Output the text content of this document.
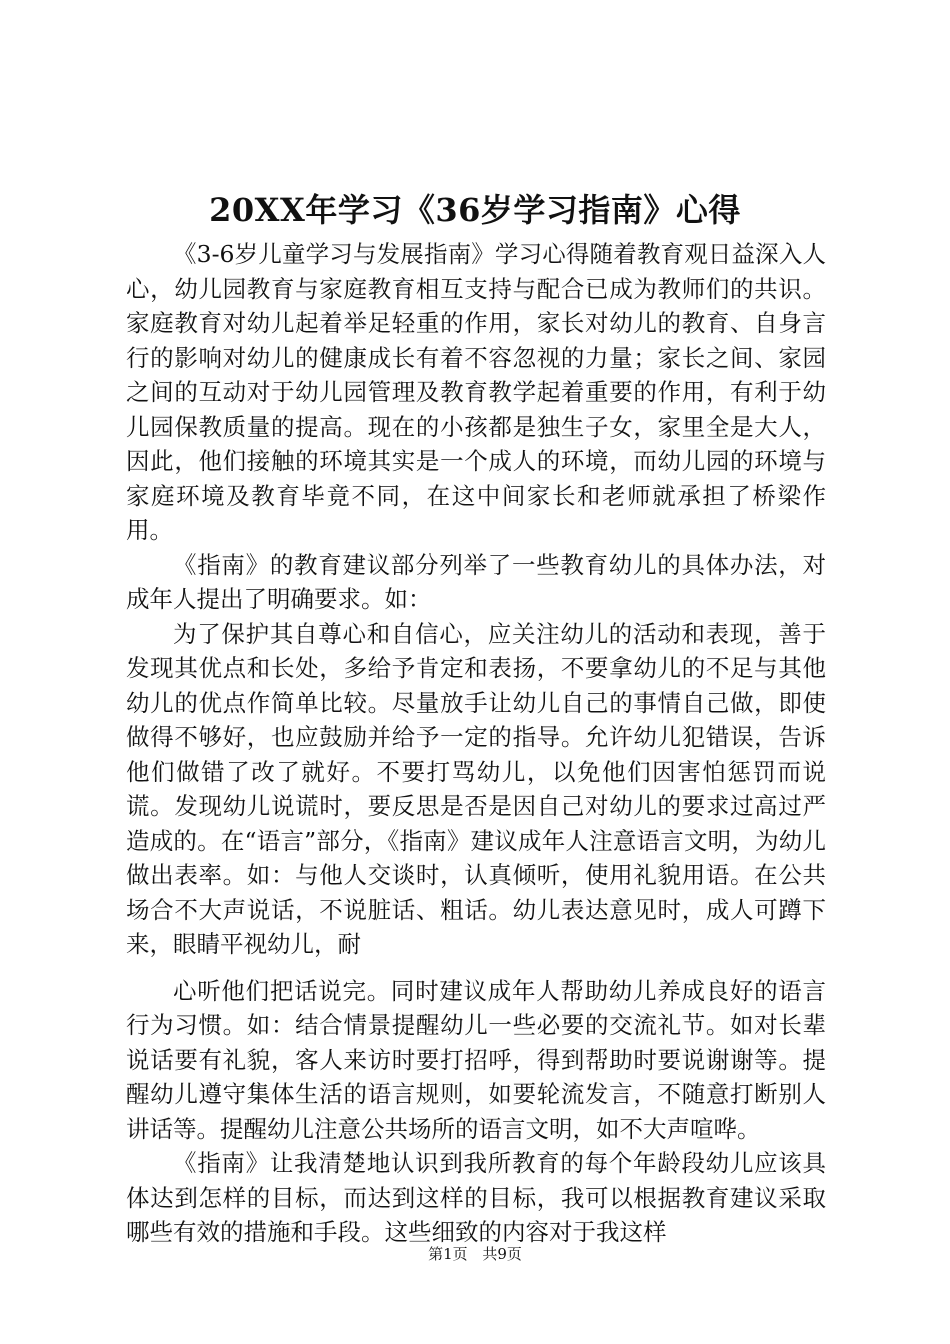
20XX年学习《36岁学习指南》心得

《3-6岁儿童学习与发展指南》学习心得随着教育观日益深入人心，幼儿园教育与家庭教育相互支持与配合已成为教师们的共识。家庭教育对幼儿起着举足轻重的作用，家长对幼儿的教育、自身言行的影响对幼儿的健康成长有着不容忽视的力量；家长之间、家园之间的互动对于幼儿园管理及教育教学起着重要的作用，有利于幼儿园保教质量的提高。现在的小孩都是独生子女，家里全是大人，因此，他们接触的环境其实是一个成人的环境，而幼儿园的环境与家庭环境及教育毕竟不同，在这中间家长和老师就承担了桥梁作用。

《指南》的教育建议部分列举了一些教育幼儿的具体办法，对成年人提出了明确要求。如：

为了保护其自尊心和自信心，应关注幼儿的活动和表现，善于发现其优点和长处，多给予肯定和表扬，不要拿幼儿的不足与其他幼儿的优点作简单比较。尽量放手让幼儿自己的事情自己做，即使做得不够好，也应鼓励并给予一定的指导。允许幼儿犯错误，告诉他们做错了改了就好。不要打骂幼儿，以免他们因害怕惩罚而说谎。发现幼儿说谎时，要反思是否是因自己对幼儿的要求过高过严造成的。在“语言”部分，《指南》建议成年人注意语言文明，为幼儿做出表率。如：与他人交谈时，认真倾听，使用礼貌用语。在公共场合不大声说话，不说脏话、粗话。幼儿表达意见时，成人可蹲下来，眼睛平视幼儿，耐

心听他们把话说完。同时建议成年人帮助幼儿养成良好的语言行为习惯。如：结合情景提醒幼儿一些必要的交流礼节。如对长辈说话要有礼貌，客人来访时要打招呼，得到帮助时要说谢谢等。提醒幼儿遵守集体生活的语言规则，如要轮流发言，不随意打断别人讲话等。提醒幼儿注意公共场所的语言文明，如不大声喧哗。

《指南》让我清楚地认识到我所教育的每个年龄段幼儿应该具体达到怎样的目标，而达到这样的目标，我可以根据教育建议采取哪些有效的措施和手段。这些细致的内容对于我这样

第1页 共9页
